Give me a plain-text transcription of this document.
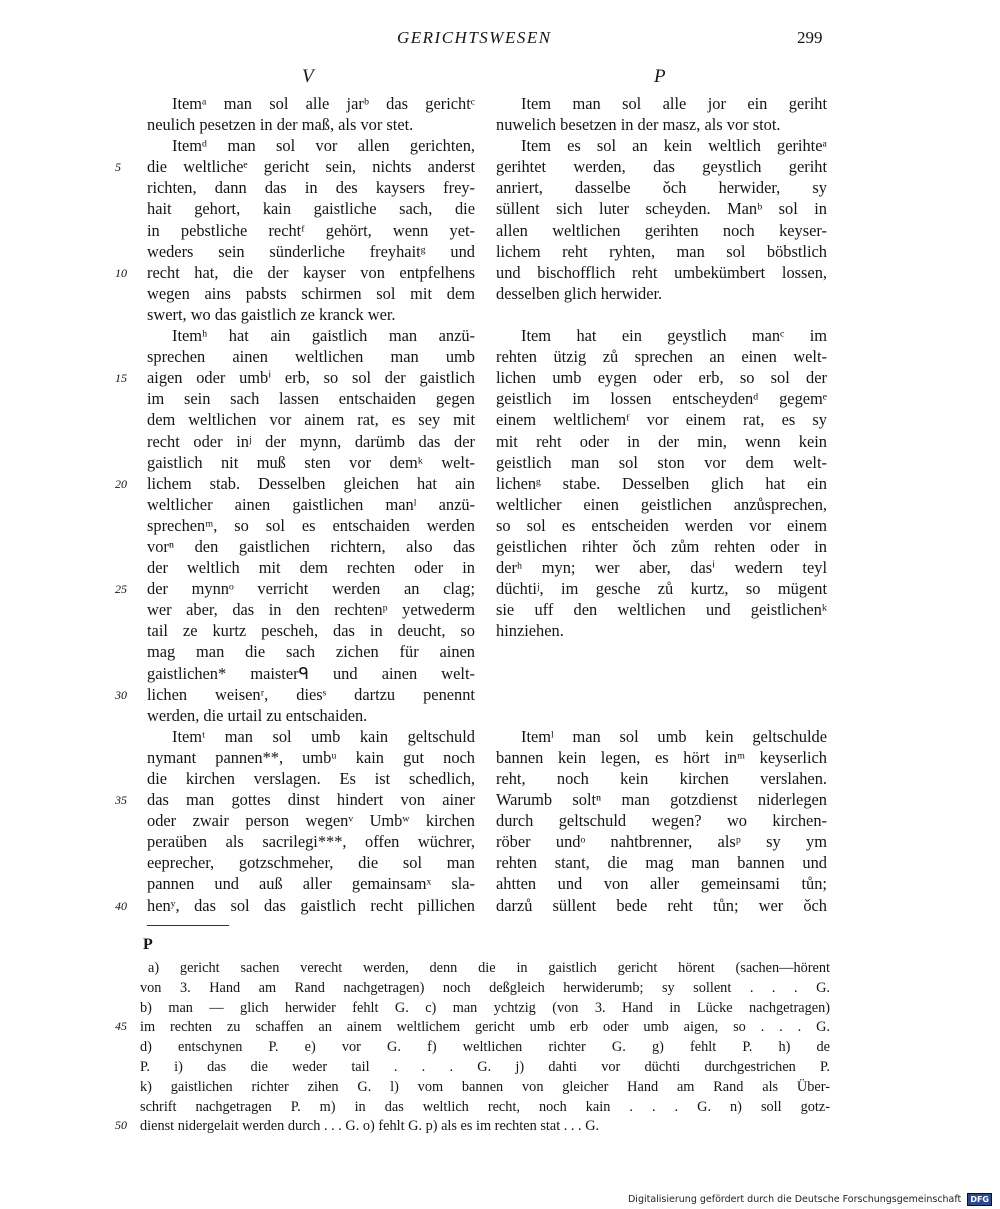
GERICHTSWESEN	299
V	P
Itemᵃ man sol alle jarᵇ das gerichtᶜ
neulich pesetzen in der maß, als vor stet.
Itemᵈ man sol vor allen gerichten,
die weltlicheᵉ gericht sein, nichts anderst
richten, dann das in des kaysers frey-
hait gehort, kain gaistliche sach, die
in pebstliche rechtᶠ gehört, wenn yet-
weders sein sünderliche freyhaitᵍ und
recht hat, die der kayser von entpfelhens
wegen ains pabsts schirmen sol mit dem
swert, wo das gaistlich ze kranck wer.
Itemʰ hat ain gaistlich man anzü-
sprechen ainen weltlichen man umb
aigen oder umbⁱ erb, so sol der gaistlich
im sein sach lassen entschaiden gegen
dem weltlichen vor ainem rat, es sey mit
recht oder inʲ der mynn, darümb das der
gaistlich nit muß sten vor demᵏ welt-
lichem stab. Desselben gleichen hat ain
weltlicher ainen gaistlichen manˡ anzü-
sprechenᵐ, so sol es entschaiden werden
vorⁿ den gaistlichen richtern, also das
der weltlich mit dem rechten oder in
der mynnᵒ verricht werden an clag;
wer aber, das in den rechtenᵖ yetwederm
tail ze kurtz pescheh, das in deucht, so
mag man die sach zichen für ainen
gaistlichen* maisterᑫ und ainen welt-
lichen weisenʳ, diesˢ dartzu penennt
werden, die urtail zu entschaiden.
Itemᵗ man sol umb kain geltschuld
nymant pannen**, umbᵘ kain gut noch
die kirchen verslagen. Es ist schedlich,
das man gottes dinst hindert von ainer
oder zwair person wegenᵛ Umbʷ kirchen
peraüben als sacrilegi***, offen wüchrer,
eeprecher, gotzschmeher, die sol man
pannen und auß aller gemainsamˣ sla-
henʸ, das sol das gaistlich recht pillichen
Item man sol alle jor ein geriht
nuwelich besetzen in der masz, als vor stot.
Item es sol an kein weltlich gerihteᵃ
gerihtet werden, das geystlich geriht
anriert, dasselbe ǒch herwider, sy
süllent sich luter scheyden. Manᵇ sol in
allen weltlichen gerihten noch keyser-
lichem reht ryhten, man sol böbstlich
und bischofflich reht umbekümbert lossen,
desselben glich herwider.
Item hat ein geystlich manᶜ im
rehten ützig zů sprechen an einen welt-
lichen umb eygen oder erb, so sol der
geistlich im lossen entscheydenᵈ gegemᵉ
einem weltlichemᶠ vor einem rat, es sy
mit reht oder in der min, wenn kein
geistlich man sol ston vor dem welt-
lichenᵍ stabe. Desselben glich hat ein
weltlicher einen geistlichen anzůsprechen,
so sol es entscheiden werden vor einem
geistlichen rihter ǒch zům rehten oder in
derʰ myn; wer aber, dasⁱ wedern teyl
düchtiʲ, im gesche zů kurtz, so mügent
sie uff den weltlichen und geistlichenᵏ
hinziehen.
Itemˡ man sol umb kein geltschulde
bannen kein legen, es hört inᵐ keyserlich
reht, noch kein kirchen verslahen.
Warumb soltⁿ man gotzdienst niderlegen
durch geltschuld wegen? wo kirchen-
röber undᵒ nahtbrenner, alsᵖ sy ym
rehten stant, die mag man bannen und
ahtten und von aller gemeinsami tůn;
darzů süllent bede reht tůn; wer ǒch
5
10
15
20
25
30
35
40
P
a) gericht sachen verecht werden, denn die in gaistlich gericht hörent (sachen—hörent
von 3. Hand am Rand nachgetragen) noch deßgleich herwiderumb; sy sollent . . . G.
b) man — glich herwider fehlt G. c) man ychtzig (von 3. Hand in Lücke nachgetragen)
im rechten zu schaffen an ainem weltlichem gericht umb erb oder umb aigen, so . . . G.
d) entschynen P. e) vor G. f) weltlichen richter G. g) fehlt P. h) de
P. i) das die weder tail . . . G. j) dahti vor düchti durchgestrichen P.
k) gaistlichen richter zihen G. l) vom bannen von gleicher Hand am Rand als Über-
schrift nachgetragen P. m) in das weltlich recht, noch kain . . . G. n) soll gotz-
dienst nidergelait werden durch . . . G. o) fehlt G. p) als es im rechten stat . . . G.
45
50
Digitalisierung gefördert durch die Deutsche Forschungsgemeinschaft DFG
